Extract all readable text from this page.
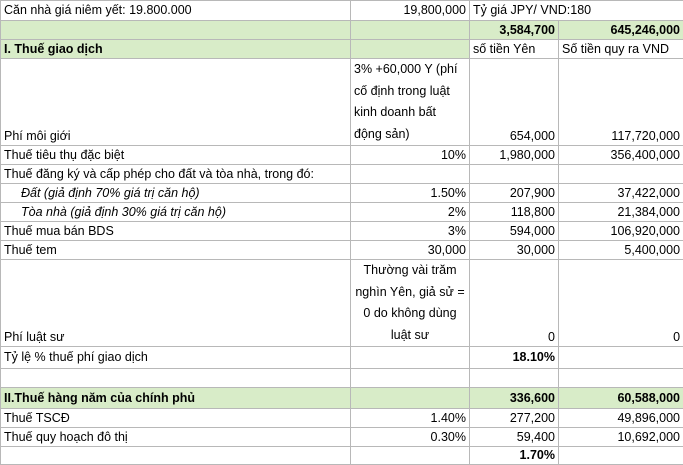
Căn nhà giá niêm yết: 19.800.000	19,800,000	Tỷ giá JPY/ VND:180	
		3,584,700	645,246,000
I. Thuế giao dịch		số tiền Yên	Số tiền quy ra VND
Phí môi giới	3% +60,000 Y (phí cố định trong luật kinh doanh bất động sản)	654,000	117,720,000
Thuế tiêu thụ đặc biệt	10%	1,980,000	356,400,000
Thuế đăng ký và cấp phép cho đất và tòa nhà, trong đó:			
Đất (giả định 70% giá trị căn hộ)	1.50%	207,900	37,422,000
Tòa nhà (giả định 30% giá trị căn hộ)	2%	118,800	21,384,000
Thuế mua bán BDS	3%	594,000	106,920,000
Thuế tem	30,000	30,000	5,400,000
Phí luật sư	Thường vài trăm nghìn Yên, giả sử = 0 do không dùng luật sư	0	0
Tỷ lệ % thuế phí giao dịch		18.10%	

II.Thuế hàng năm của chính phủ		336,600	60,588,000
Thuế TSCĐ	1.40%	277,200	49,896,000
Thuế quy hoạch đô thị	0.30%	59,400	10,692,000
		1.70%	
